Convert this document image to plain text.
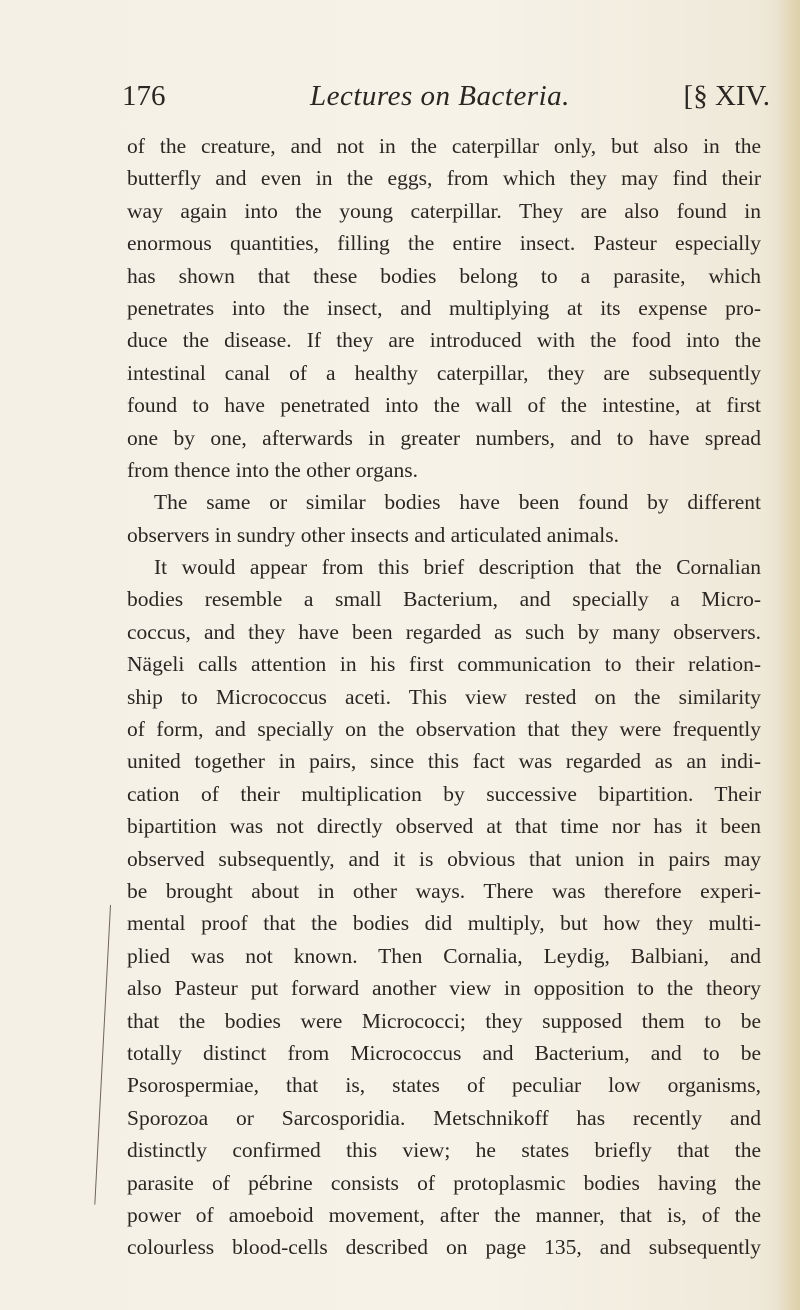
176	Lectures on Bacteria.	[§ XIV.
of the creature, and not in the caterpillar only, but also in the
butterfly and even in the eggs, from which they may find their
way again into the young caterpillar. They are also found in
enormous quantities, filling the entire insect. Pasteur especially
has shown that these bodies belong to a parasite, which
penetrates into the insect, and multiplying at its expense pro-
duce the disease. If they are introduced with the food into the
intestinal canal of a healthy caterpillar, they are subsequently
found to have penetrated into the wall of the intestine, at first
one by one, afterwards in greater numbers, and to have spread
from thence into the other organs.
The same or similar bodies have been found by different
observers in sundry other insects and articulated animals.
It would appear from this brief description that the Cornalian
bodies resemble a small Bacterium, and specially a Micro-
coccus, and they have been regarded as such by many observers.
Nägeli calls attention in his first communication to their relation-
ship to Micrococcus aceti. This view rested on the similarity
of form, and specially on the observation that they were frequently
united together in pairs, since this fact was regarded as an indi-
cation of their multiplication by successive bipartition. Their
bipartition was not directly observed at that time nor has it been
observed subsequently, and it is obvious that union in pairs may
be brought about in other ways. There was therefore experi-
mental proof that the bodies did multiply, but how they multi-
plied was not known. Then Cornalia, Leydig, Balbiani, and
also Pasteur put forward another view in opposition to the theory
that the bodies were Micrococci; they supposed them to be
totally distinct from Micrococcus and Bacterium, and to be
Psorospermiae, that is, states of peculiar low organisms,
Sporozoa or Sarcosporidia. Metschnikoff has recently and
distinctly confirmed this view; he states briefly that the
parasite of pébrine consists of protoplasmic bodies having the
power of amoeboid movement, after the manner, that is, of the
colourless blood-cells described on page 135, and subsequently
